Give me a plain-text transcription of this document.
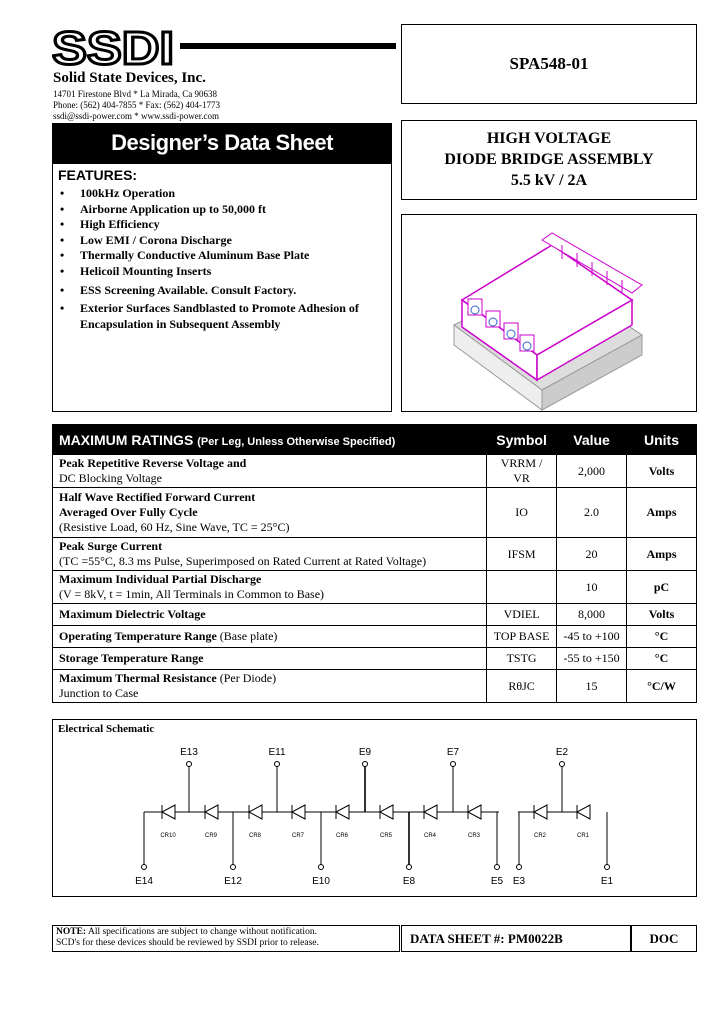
SSDI
Solid State Devices, Inc.
14701 Firestone Blvd * La Mirada, Ca 90638
Phone: (562) 404-7855 * Fax: (562) 404-1773
ssdi@ssdi-power.com * www.ssdi-power.com
SPA548-01
HIGH VOLTAGE
DIODE BRIDGE ASSEMBLY
5.5 kV / 2A
Designer’s Data Sheet
FEATURES:
• 100kHz Operation
• Airborne Application up to 50,000 ft
• High Efficiency
• Low EMI / Corona Discharge
• Thermally Conductive Aluminum Base Plate
• Helicoil Mounting Inserts
• ESS Screening Available. Consult Factory.
• Exterior Surfaces Sandblasted to Promote Adhesion of Encapsulation in Subsequent Assembly
MAXIMUM RATINGS (Per Leg, Unless Otherwise Specified)	Symbol	Value	Units

Peak Repetitive Reverse Voltage and
DC Blocking Voltage	VRRM / VR	2,000	Volts

Half Wave Rectified Forward Current
Averaged Over Fully Cycle
(Resistive Load, 60 Hz, Sine Wave, TC = 25°C)	IO	2.0	Amps

Peak Surge Current
(TC =55°C, 8.3 ms Pulse, Superimposed on Rated Current at Rated Voltage)	IFSM	20	Amps

Maximum Individual Partial Discharge
(V = 8kV, t = 1min, All Terminals in Common to Base)		10	pC
Maximum Dielectric Voltage	VDIEL	8,000	Volts
Operating Temperature Range (Base plate)	TOP BASE	-45 to +100	°C
Storage Temperature Range	TSTG	-55 to +150	°C

Maximum Thermal Resistance (Per Diode)
Junction to Case	RθJC	15	°C/W
Electrical Schematic
CR10	CR9	CR8	CR7	CR6	CR5	CR4	CR3	CR2	CR1
E13	E11	E9	E7	E2
E14	E12	E10	E8	E5 E3	E1
NOTE: All specifications are subject to change without notification.
SCD's for these devices should be reviewed by SSDI prior to release.	DATA SHEET #:
PM0022B	DOC
